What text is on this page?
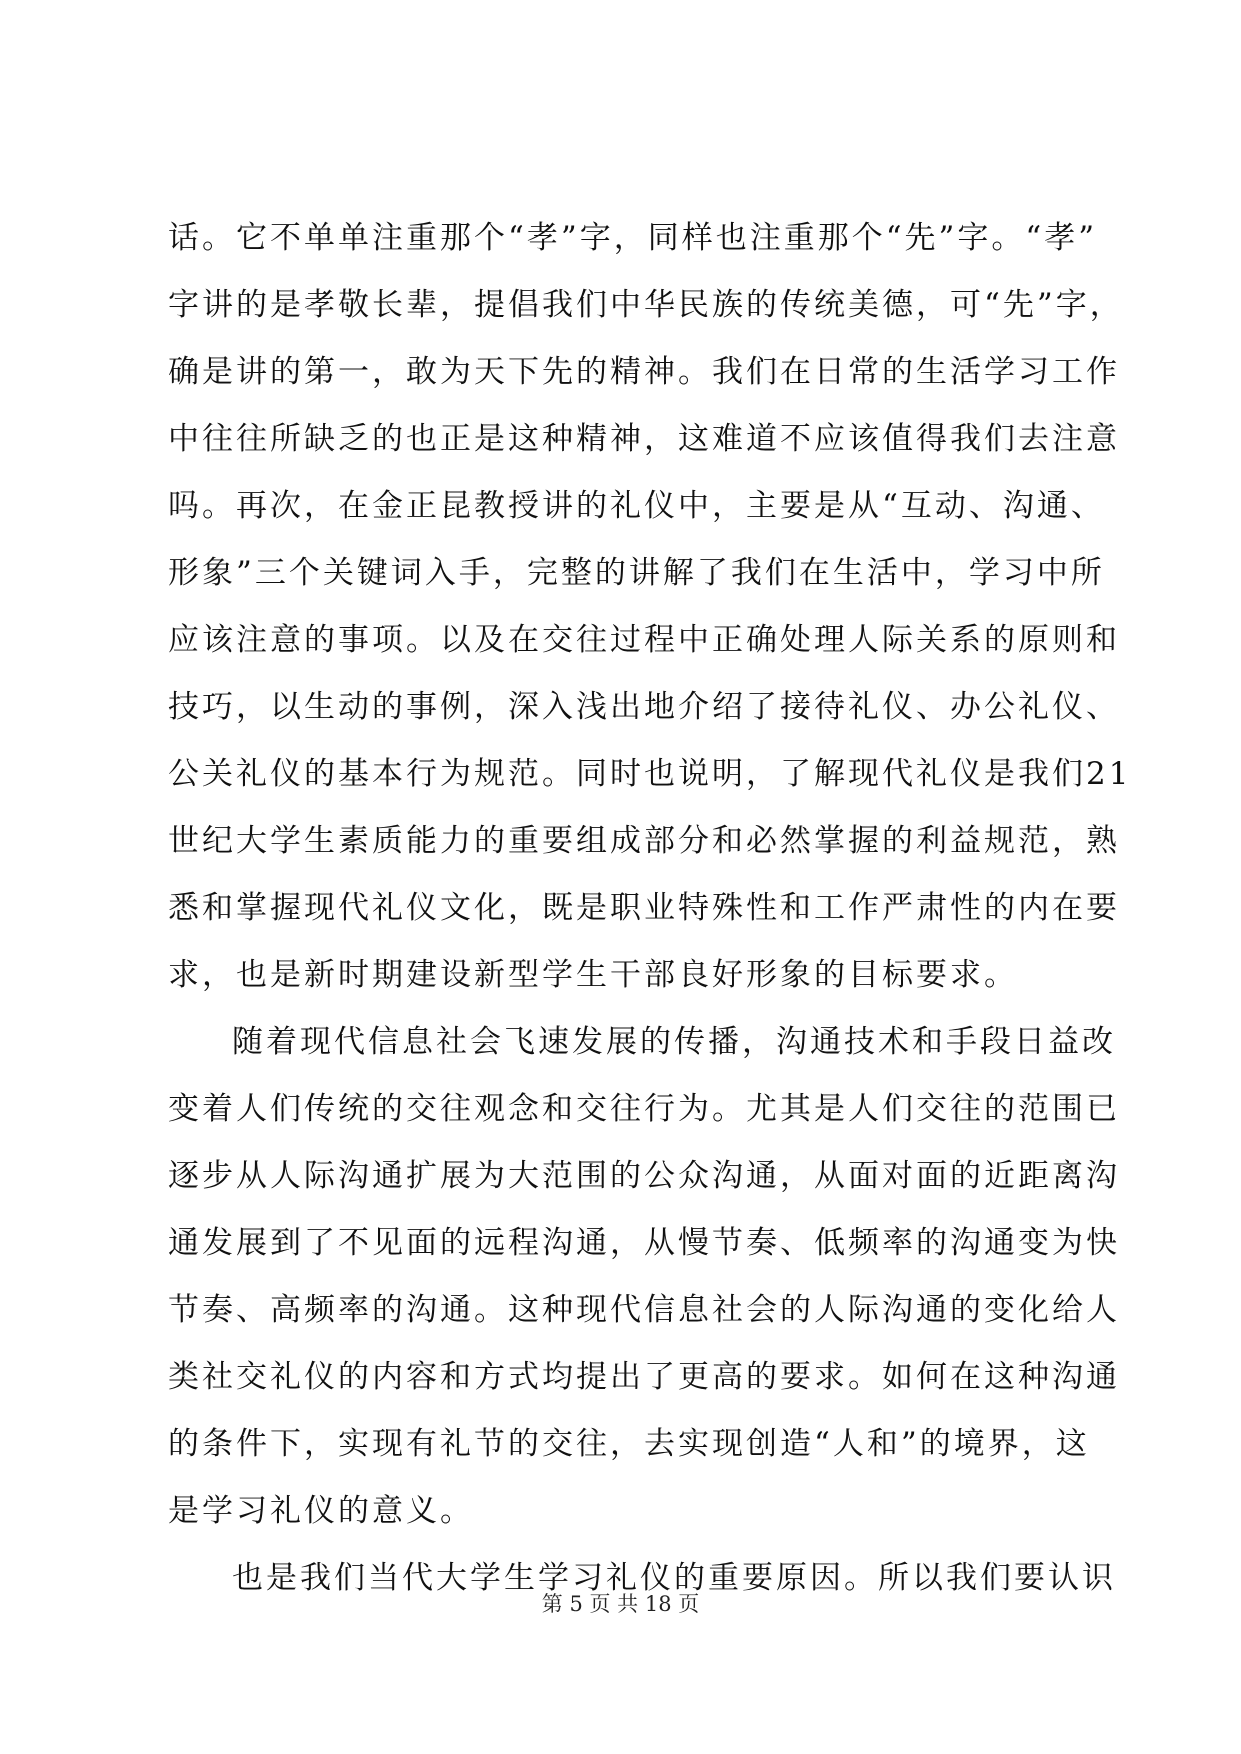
话。它不单单注重那个“孝”字，同样也注重那个“先”字。“孝”
字讲的是孝敬长辈，提倡我们中华民族的传统美德，可“先”字，
确是讲的第一，敢为天下先的精神。我们在日常的生活学习工作
中往往所缺乏的也正是这种精神，这难道不应该值得我们去注意
吗。再次，在金正昆教授讲的礼仪中，主要是从“互动、沟通、
形象”三个关键词入手，完整的讲解了我们在生活中，学习中所
应该注意的事项。以及在交往过程中正确处理人际关系的原则和
技巧，以生动的事例，深入浅出地介绍了接待礼仪、办公礼仪、
公关礼仪的基本行为规范。同时也说明，了解现代礼仪是我们21
世纪大学生素质能力的重要组成部分和必然掌握的利益规范，熟
悉和掌握现代礼仪文化，既是职业特殊性和工作严肃性的内在要
求，也是新时期建设新型学生干部良好形象的目标要求。
随着现代信息社会飞速发展的传播，沟通技术和手段日益改
变着人们传统的交往观念和交往行为。尤其是人们交往的范围已
逐步从人际沟通扩展为大范围的公众沟通，从面对面的近距离沟
通发展到了不见面的远程沟通，从慢节奏、低频率的沟通变为快
节奏、高频率的沟通。这种现代信息社会的人际沟通的变化给人
类社交礼仪的内容和方式均提出了更高的要求。如何在这种沟通
的条件下，实现有礼节的交往，去实现创造“人和”的境界，这
是学习礼仪的意义。
也是我们当代大学生学习礼仪的重要原因。所以我们要认识
第 5 页 共 18 页
